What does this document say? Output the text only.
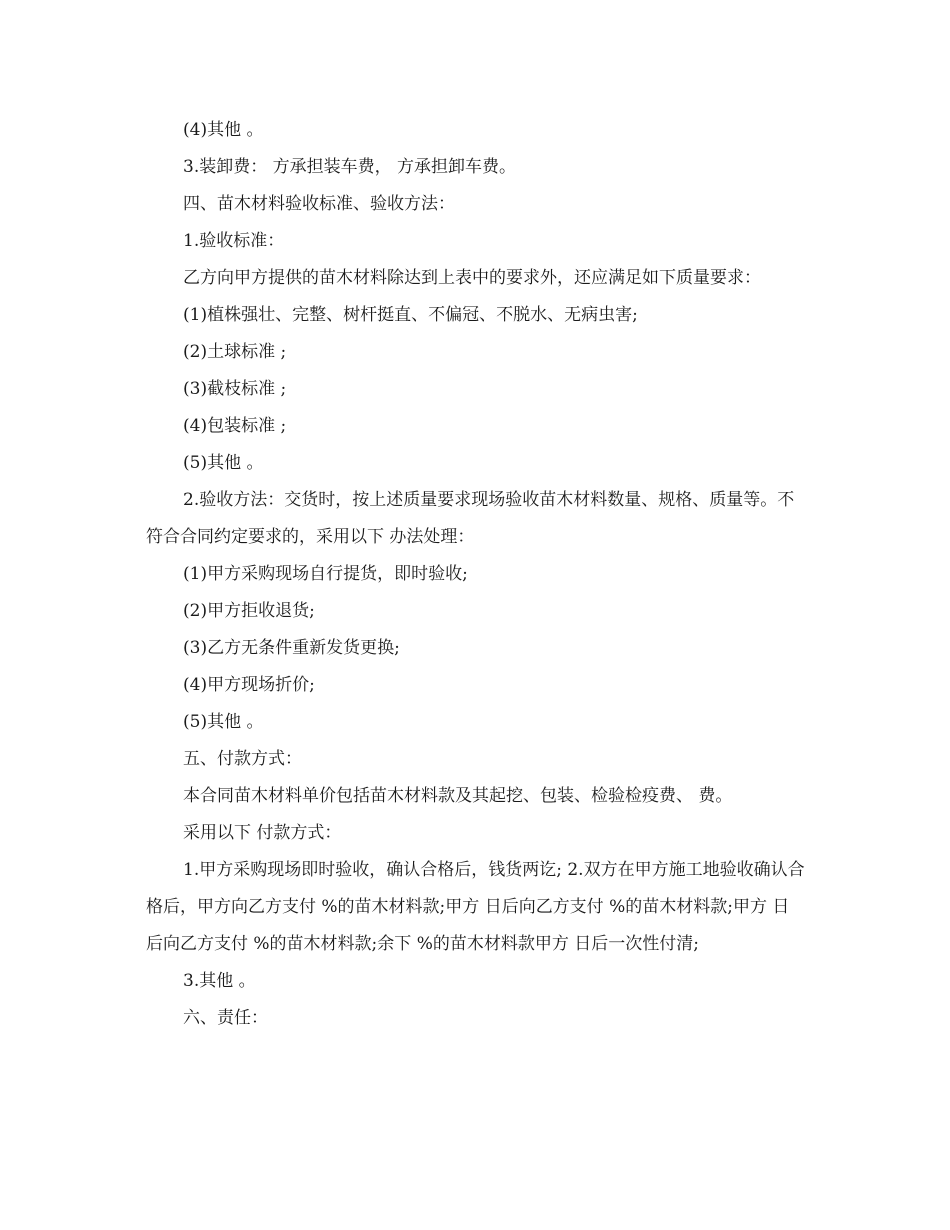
(4)其他 。

3.装卸费： 方承担装车费， 方承担卸车费。

四、苗木材料验收标准、验收方法：

1.验收标准：

乙方向甲方提供的苗木材料除达到上表中的要求外，还应满足如下质量要求：

(1)植株强壮、完整、树杆挺直、不偏冠、不脱水、无病虫害;

(2)土球标准 ;

(3)截枝标准 ;

(4)包装标准 ;

(5)其他 。

2.验收方法：交货时，按上述质量要求现场验收苗木材料数量、规格、质量等。不符合合同约定要求的，采用以下 办法处理：

(1)甲方采购现场自行提货，即时验收;

(2)甲方拒收退货;

(3)乙方无条件重新发货更换;

(4)甲方现场折价;

(5)其他 。

五、付款方式：

本合同苗木材料单价包括苗木材料款及其起挖、包装、检验检疫费、 费。

采用以下 付款方式：

1.甲方采购现场即时验收，确认合格后，钱货两讫; 2.双方在甲方施工地验收确认合格后，甲方向乙方支付 %的苗木材料款;甲方 日后向乙方支付 %的苗木材料款;甲方 日后向乙方支付 %的苗木材料款;余下 %的苗木材料款甲方 日后一次性付清;

3.其他 。

六、责任：
